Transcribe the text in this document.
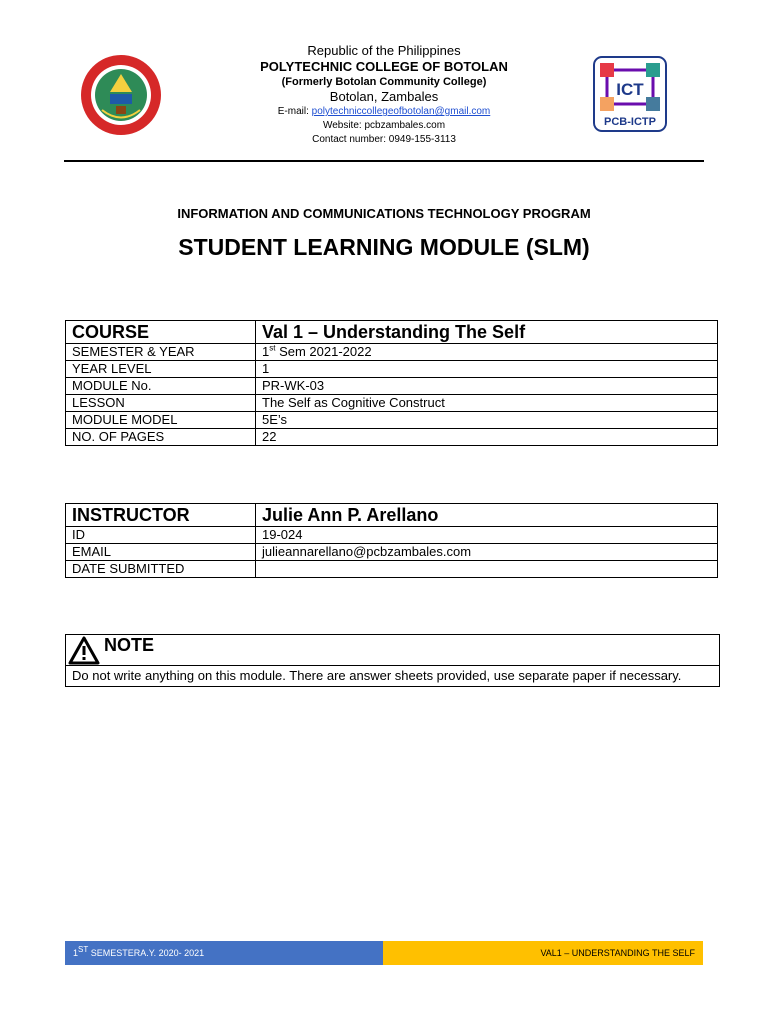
ICT
PCB-ICTP
Republic of the Philippines
POLYTECHNIC COLLEGE OF BOTOLAN
(Formerly Botolan Community College)
Botolan, Zambales
E-mail: polytechniccollegeofbotolan@gmail.com
Website: pcbzambales.com
Contact number: 0949-155-3113
INFORMATION AND COMMUNICATIONS TECHNOLOGY PROGRAM
STUDENT LEARNING MODULE (SLM)
COURSE	Val 1 – Understanding The Self
SEMESTER & YEAR	1st Sem 2021-2022
YEAR LEVEL	1
MODULE No.	PR-WK-03
LESSON	The Self as Cognitive Construct
MODULE MODEL	5E’s
NO. OF PAGES	22
INSTRUCTOR	Julie Ann P. Arellano
ID	19-024
EMAIL	julieannarellano@pcbzambales.com
DATE SUBMITTED	
NOTE
Do not write anything on this module. There are answer sheets provided, use separate paper if necessary.
1ST SEMESTERA.Y. 2020- 2021	VAL1 – UNDERSTANDING THE SELF
